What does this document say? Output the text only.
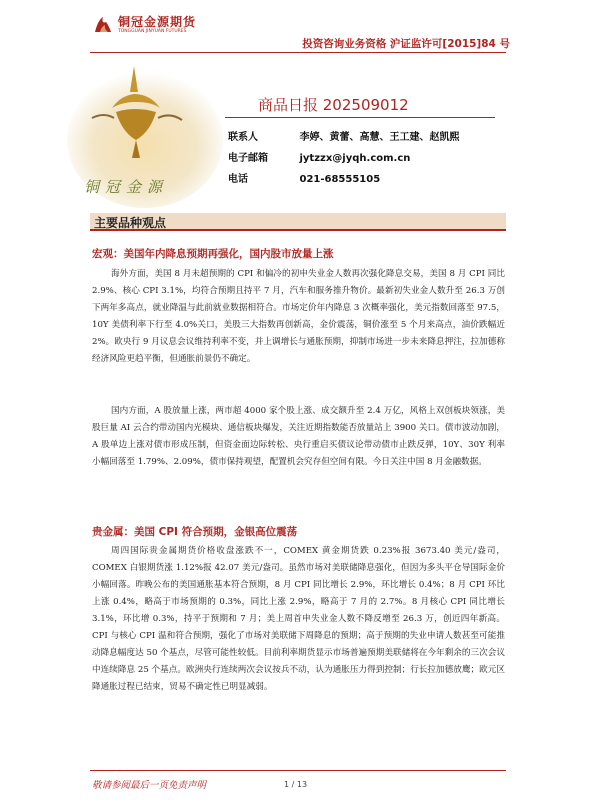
铜冠金源期货
TONGGUAN JINYUAN FUTURES
投资咨询业务资格 沪证监许可[2015]84 号
铜冠金源
商品日报 202509012
联系人	李婷、黄蕾、高慧、王工建、赵凯熙
电子邮箱	jytzzx@jyqh.com.cn
电话	021-68555105
主要品种观点
宏观：美国年内降息预期再强化，国内股市放量上涨
海外方面，美国 8 月未超预期的 CPI 和偏冷的初申失业金人数再次强化降息交易，美国 8 月 CPI 同比 2.9%、核心 CPI 3.1%，均符合预期且持平 7 月，汽车和服务推升物价。最新初失业金人数升至 26.3 万创下两年多高点，就业降温与此前就业数据相符合。市场定价年内降息 3 次概率强化，美元指数回落至 97.5，10Y 美债利率下行至 4.0%关口，美股三大指数再创新高，金价震荡，铜价涨至 5 个月来高点，油价跌幅近 2%。欧央行 9 月议息会议维持利率不变，并上调增长与通胀预期，抑制市场进一步未来降息押注，拉加德称经济风险更趋平衡，但通胀前景仍不确定。
国内方面，A 股放量上涨，两市超 4000 家个股上涨、成交额升至 2.4 万亿，风格上双创板块领涨，美股巨量 AI 云合约带动国内光模块、通信板块爆发，关注近期指数能否放量站上 3900 关口。债市波动加剧，A 股单边上涨对债市形成压制，但资金面边际转松、央行重启买债议论带动债市止跌反弹，10Y、30Y 利率小幅回落至 1.79%、2.09%，债市保持观望，配置机会究存但空间有限。今日关注中国 8 月金融数据。
贵金属：美国 CPI 符合预期，金银高位震荡
周四国际贵金属期货价格收盘涨跌不一，COMEX 黄金期货跌 0.23%报 3673.40 美元/盎司，COMEX 白银期货涨 1.12%报 42.07 美元/盎司。虽然市场对美联储降息强化，但因为多头平仓导国际金价小幅回落。昨晚公布的美国通胀基本符合预期，8 月 CPI 同比增长 2.9%，环比增长 0.4%；8 月 CPI 环比上涨 0.4%，略高于市场预期的 0.3%，同比上涨 2.9%，略高于 7 月的 2.7%。8 月核心 CPI 同比增长 3.1%，环比增 0.3%，持平于预期和 7 月；美上周首申失业金人数不降反增至 26.3 万，创近四年新高。CPI 与核心 CPI 温和符合预期，强化了市场对美联储下周降息的预期；高于预期的失业申请人数甚至可能推动降息幅度达 50 个基点，尽管可能性较低。目前利率期货显示市场普遍预期美联储将在今年剩余的三次会议中连续降息 25 个基点。欧洲央行连续两次会议按兵不动，认为通胀压力得到控制；行长拉加德放鹰；欧元区降通胀过程已结束，贸易不确定性已明显减弱。
敬请参阅最后一页免责声明	1 / 13
